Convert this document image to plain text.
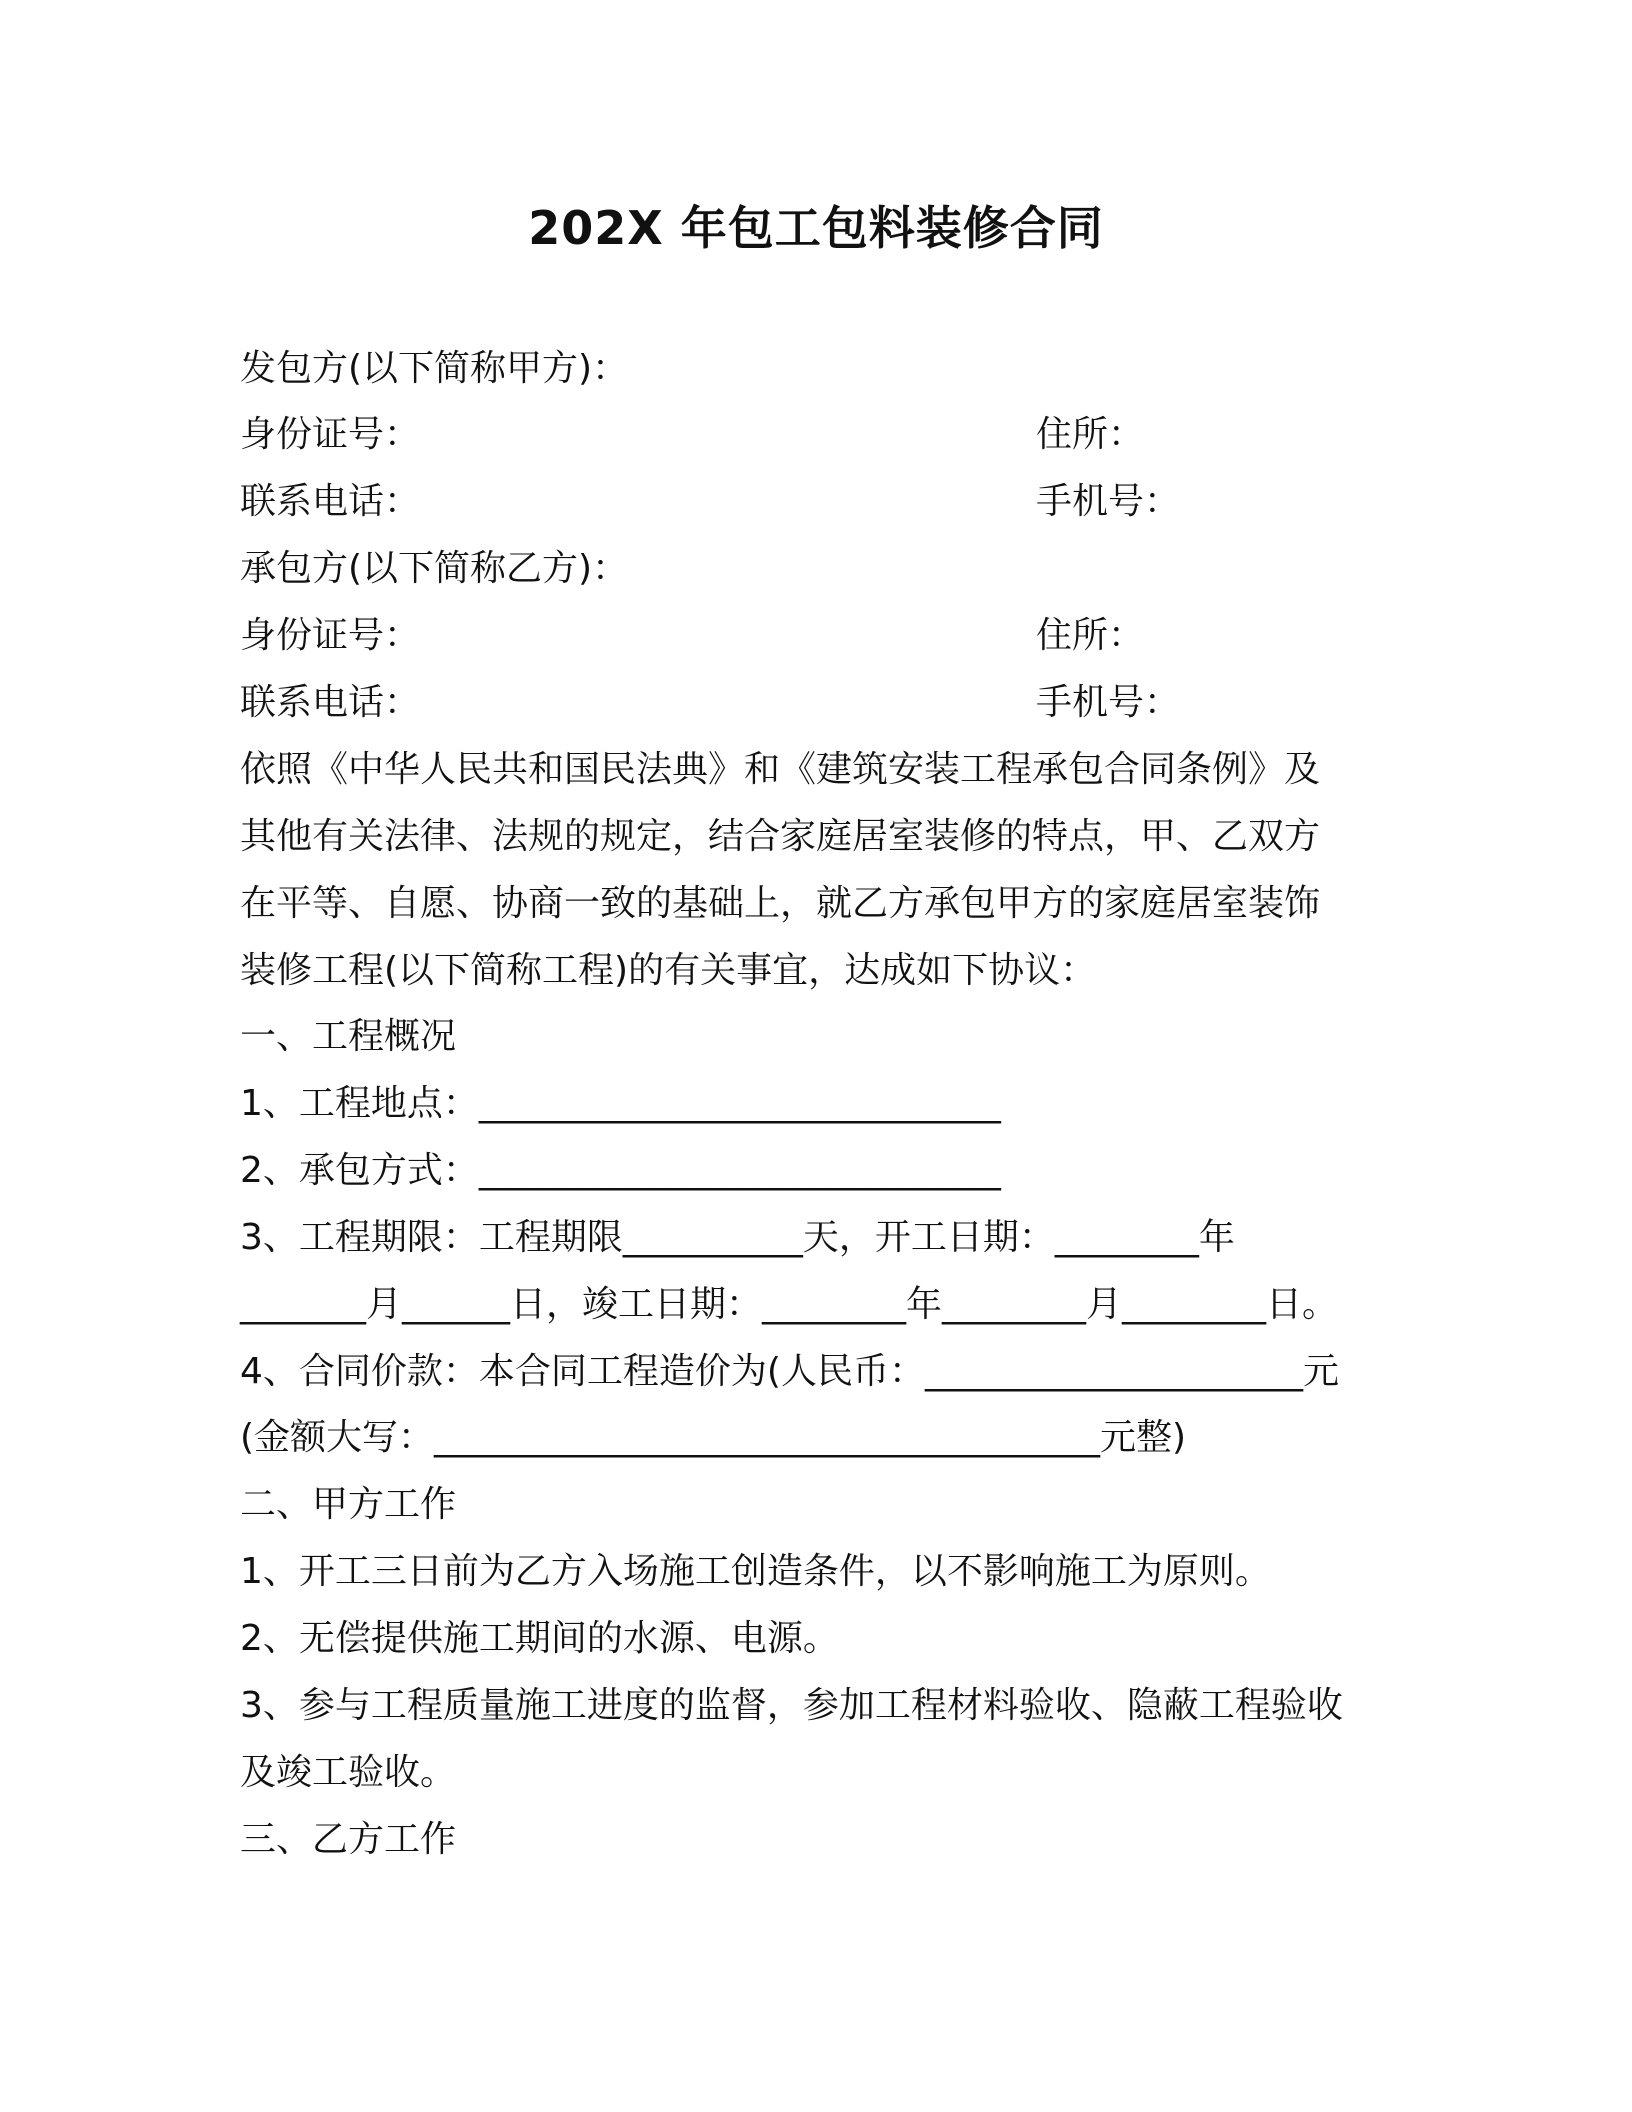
202X 年包工包料装修合同
发包方(以下简称甲方)：
身份证号：	住所：
联系电话：	手机号：
承包方(以下简称乙方)：
身份证号：	住所：
联系电话：	手机号：
依照《中华人民共和国民法典》和《建筑安装工程承包合同条例》及
其他有关法律、法规的规定，结合家庭居室装修的特点，甲、乙双方
在平等、自愿、协商一致的基础上，就乙方承包甲方的家庭居室装饰
装修工程(以下简称工程)的有关事宜，达成如下协议：
一、工程概况
1、工程地点：_____________________________
2、承包方式：_____________________________
3、工程期限：工程期限__________天，开工日期：________年
_______月______日，竣工日期：________年________月________日。
4、合同价款：本合同工程造价为(人民币：_____________________元
(金额大写：_____________________________________元整)
二、甲方工作
1、开工三日前为乙方入场施工创造条件，以不影响施工为原则。
2、无偿提供施工期间的水源、电源。
3、参与工程质量施工进度的监督，参加工程材料验收、隐蔽工程验收
及竣工验收。
三、乙方工作
